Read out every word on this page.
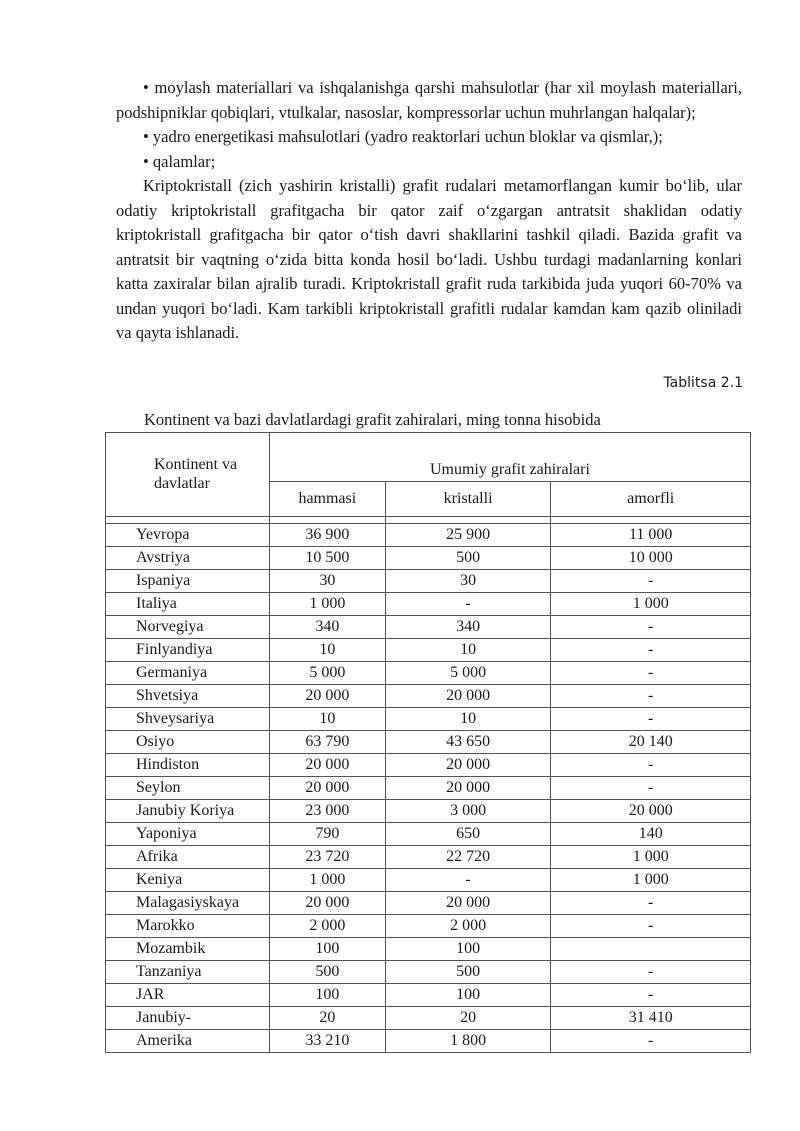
• moylash materiallari va ishqalanishga qarshi mahsulotlar (har xil moylash materiallari, podshipniklar qobiqlari, vtulkalar, nasoslar, kompressorlar uchun muhrlangan halqalar);

• yadro energetikasi mahsulotlari (yadro reaktorlari uchun bloklar va qismlar,);

• qalamlar;

Kriptokristall (zich yashirin kristalli) grafit rudalari metamorflangan kumir bo‘lib, ular odatiy kriptokristall grafitgacha bir qator zaif o‘zgargan antratsit shaklidan odatiy kriptokristall grafitgacha bir qator o‘tish davri shakllarini tashkil qiladi. Bazida grafit va antratsit bir vaqtning o‘zida bitta konda hosil bo‘ladi. Ushbu turdagi madanlarning konlari katta zaxiralar bilan ajralib turadi. Kriptokristall grafit ruda tarkibida juda yuqori 60-70% va undan yuqori bo‘ladi. Kam tarkibli kriptokristall grafitli rudalar kamdan kam qazib oliniladi va qayta ishlanadi.

Tablitsa 2.1
Kontinent va bazi davlatlardagi grafit zahiralari, ming tonna hisobida
Kontinent va
davlatlar	Umumiy grafit zahiralari		
	hammasi	kristalli	amorfli

Yevropa	36 900	25 900	11 000
Avstriya	10 500	500	10 000
Ispaniya	30	30	-
Italiya	1 000	-	1 000
Norvegiya	340	340	-
Finlyandiya	10	10	-
Germaniya	5 000	5 000	-
Shvetsiya	20 000	20 000	-
Shveysariya	10	10	-
Osiyo	63 790	43 650	20 140
Hindiston	20 000	20 000	-
Seylon	20 000	20 000	-
Janubiy Koriya	23 000	3 000	20 000
Yaponiya	790	650	140
Afrika	23 720	22 720	1 000
Keniya	1 000	-	1 000
Malagasiyskaya	20 000	20 000	-
Marokko	2 000	2 000	-
Mozambik	100	100	
Tanzaniya	500	500	-
JAR	100	100	-
Janubiy-	20	20	31 410
Amerika	33 210	1 800	-
